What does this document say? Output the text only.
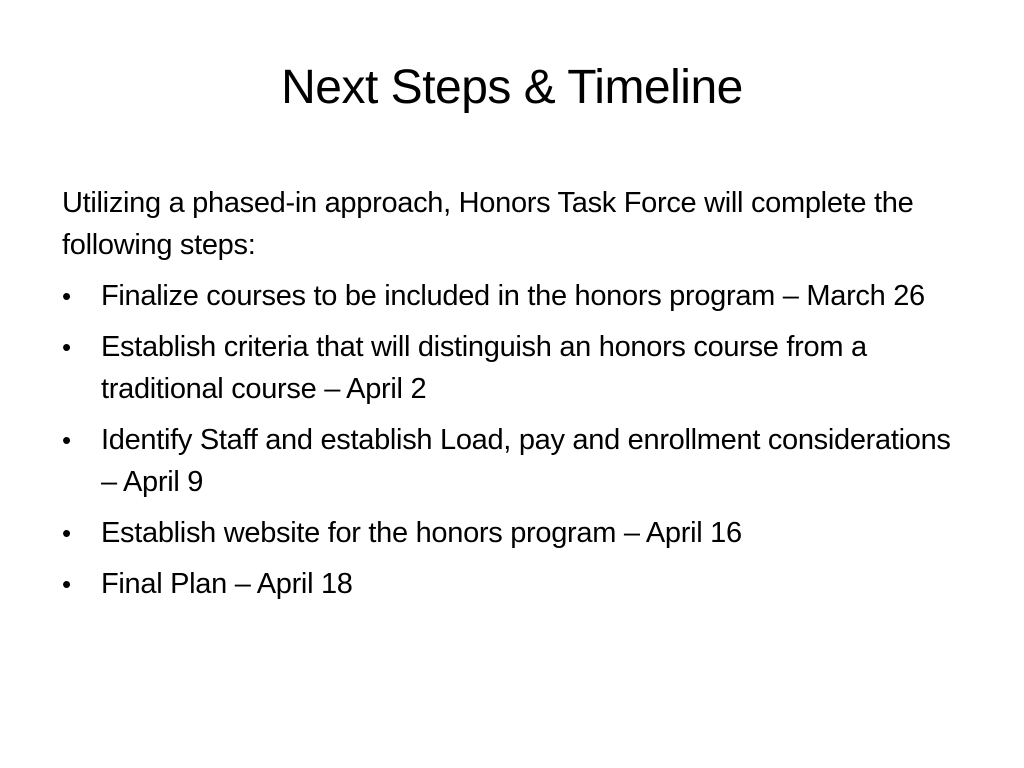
Next Steps & Timeline

Utilizing a phased-in approach, Honors Task Force will complete the following steps:

•	Finalize courses to be included in the honors program – March 26
•	Establish criteria that will distinguish an honors course from a traditional course – April 2
•	Identify Staff and establish Load, pay and enrollment considerations – April 9
•	Establish website for the honors program – April 16
•	Final Plan – April 18
